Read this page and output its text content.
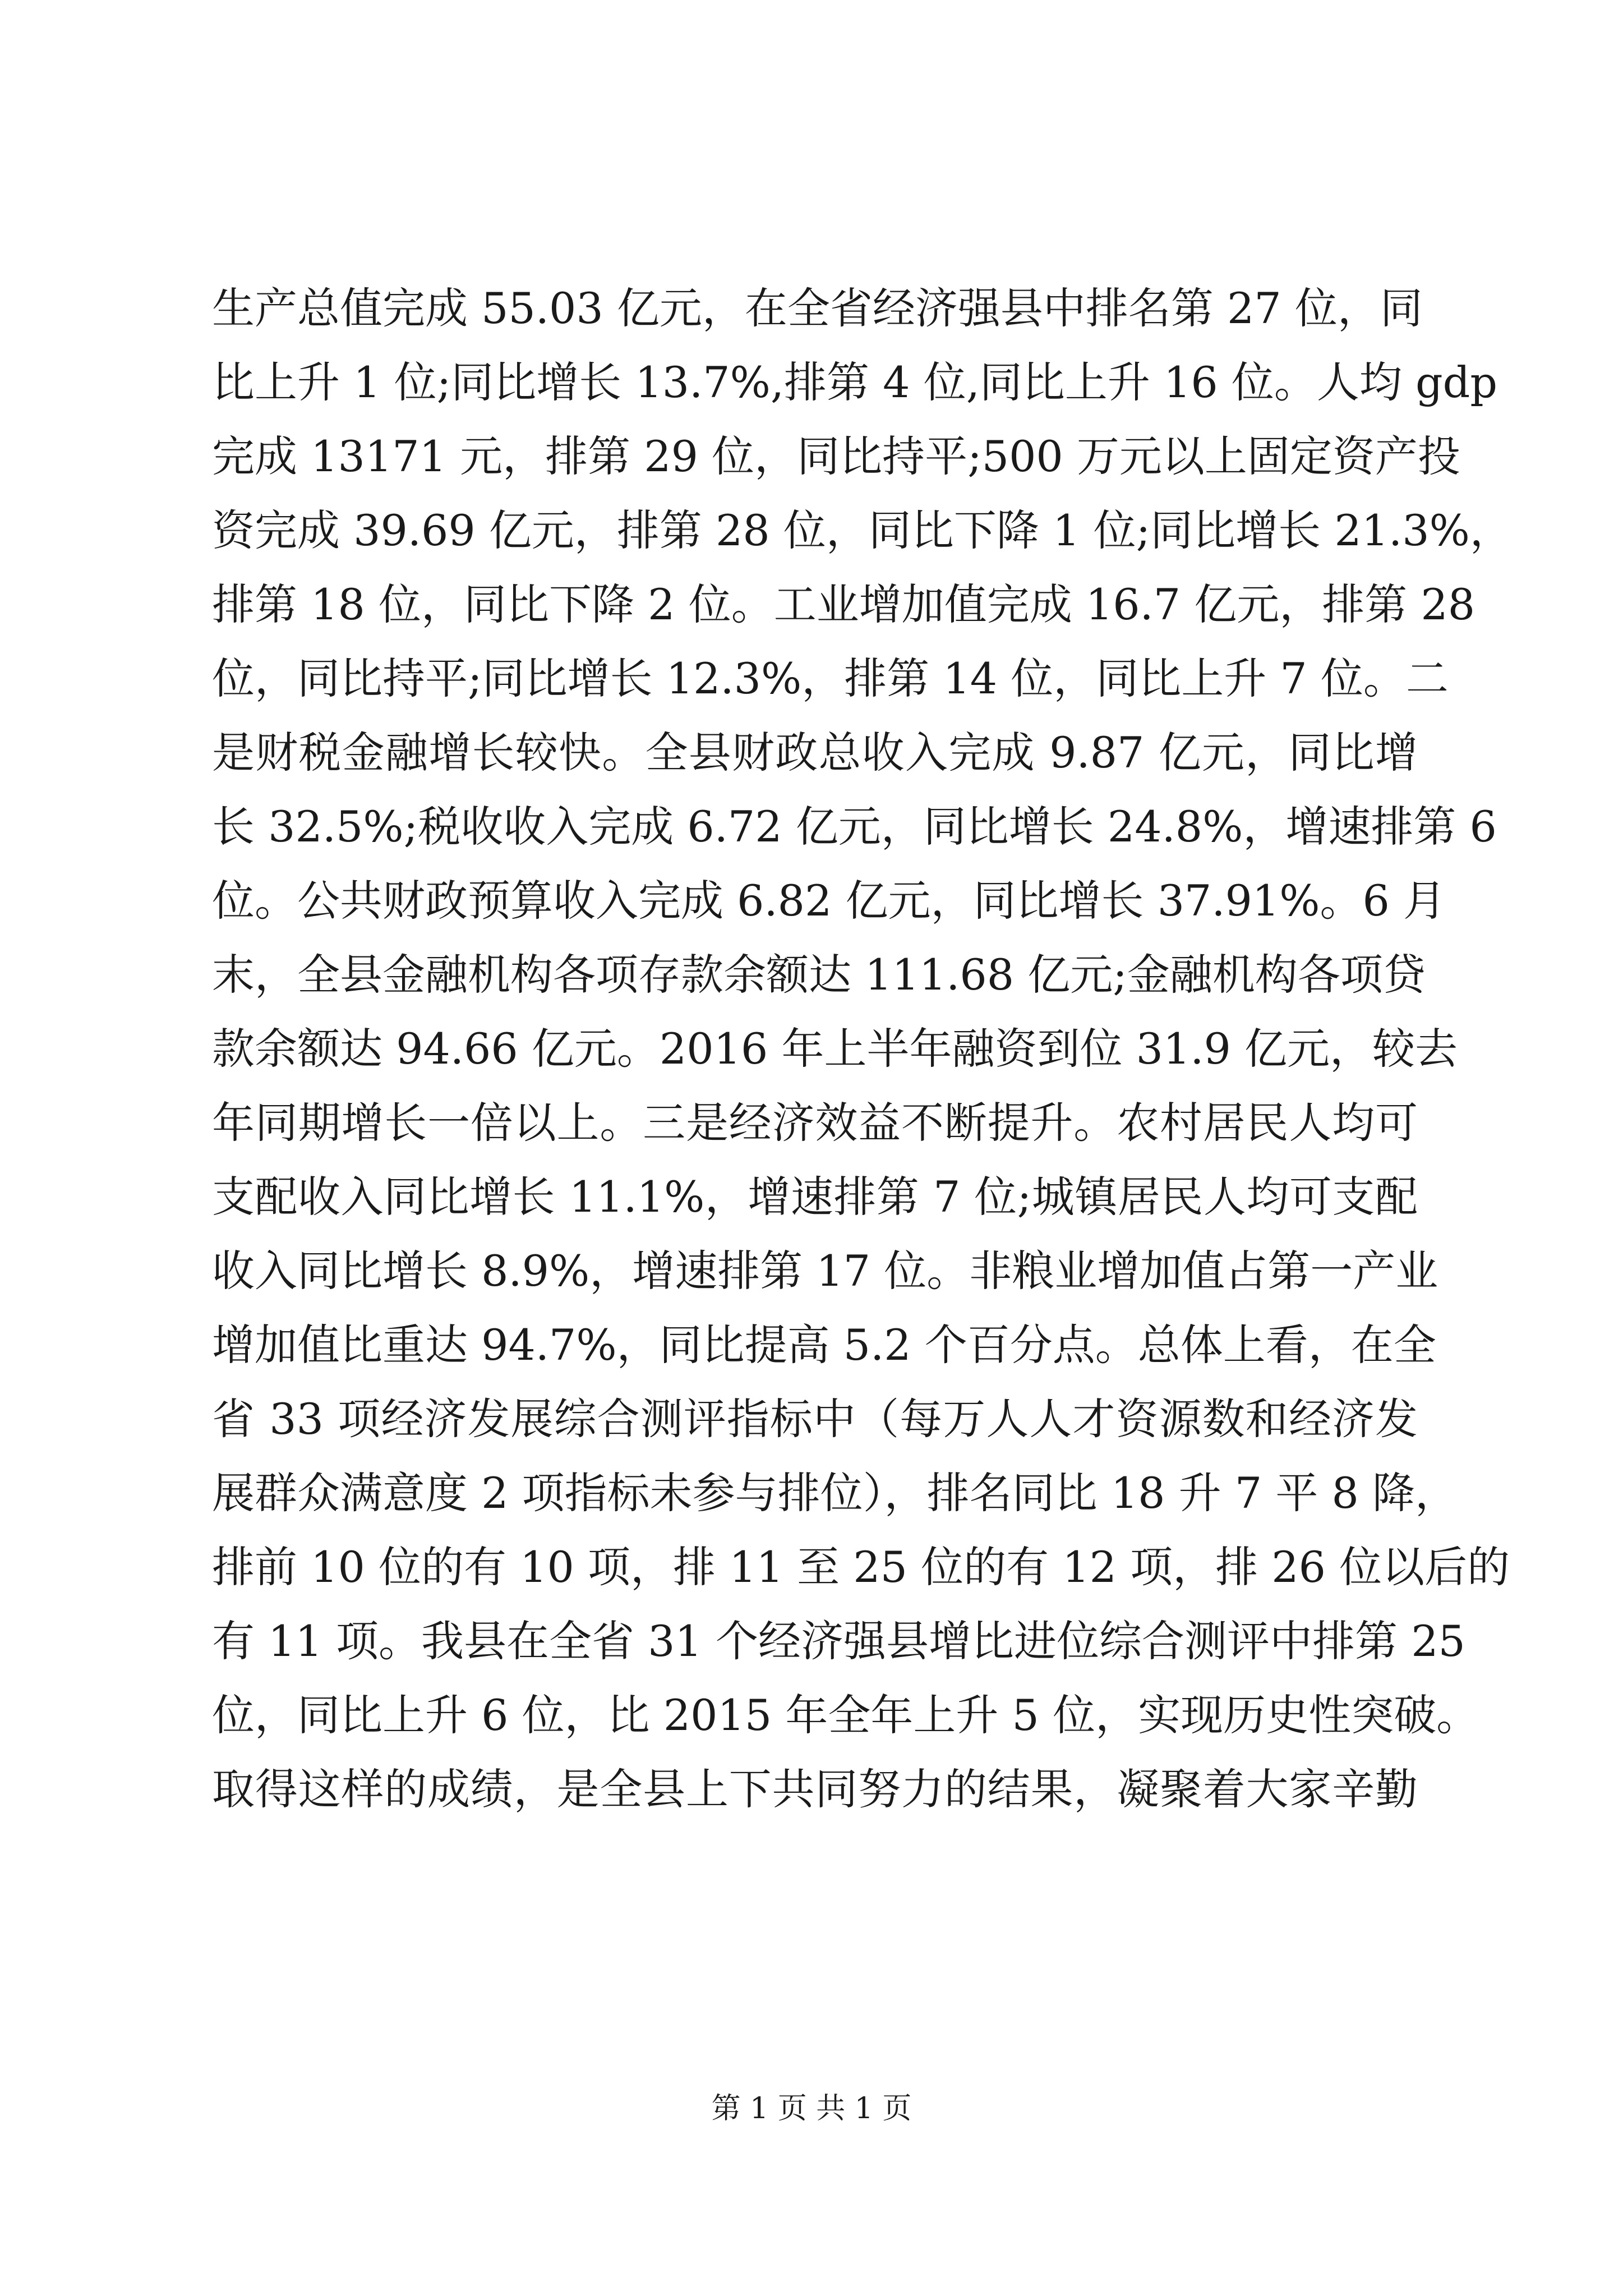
生产总值完成 55.03 亿元，在全省经济强县中排名第 27 位，同
比上升 1 位;同比增长 13.7%,排第 4 位,同比上升 16 位。人均 gdp
完成 13171 元，排第 29 位，同比持平;500 万元以上固定资产投
资完成 39.69 亿元，排第 28 位，同比下降 1 位;同比增长 21.3%，
排第 18 位，同比下降 2 位。工业增加值完成 16.7 亿元，排第 28
位，同比持平;同比增长 12.3%，排第 14 位，同比上升 7 位。二
是财税金融增长较快。全县财政总收入完成 9.87 亿元，同比增
长 32.5%;税收收入完成 6.72 亿元，同比增长 24.8%，增速排第 6
位。公共财政预算收入完成 6.82 亿元，同比增长 37.91%。6 月
末，全县金融机构各项存款余额达 111.68 亿元;金融机构各项贷
款余额达 94.66 亿元。2016 年上半年融资到位 31.9 亿元，较去
年同期增长一倍以上。三是经济效益不断提升。农村居民人均可
支配收入同比增长 11.1%，增速排第 7 位;城镇居民人均可支配
收入同比增长 8.9%，增速排第 17 位。非粮业增加值占第一产业
增加值比重达 94.7%，同比提高 5.2 个百分点。总体上看，在全
省 33 项经济发展综合测评指标中（每万人人才资源数和经济发
展群众满意度 2 项指标未参与排位），排名同比 18 升 7 平 8 降，
排前 10 位的有 10 项，排 11 至 25 位的有 12 项，排 26 位以后的
有 11 项。我县在全省 31 个经济强县增比进位综合测评中排第 25
位，同比上升 6 位，比 2015 年全年上升 5 位，实现历史性突破。
取得这样的成绩，是全县上下共同努力的结果，凝聚着大家辛勤
第 1 页 共 1 页
